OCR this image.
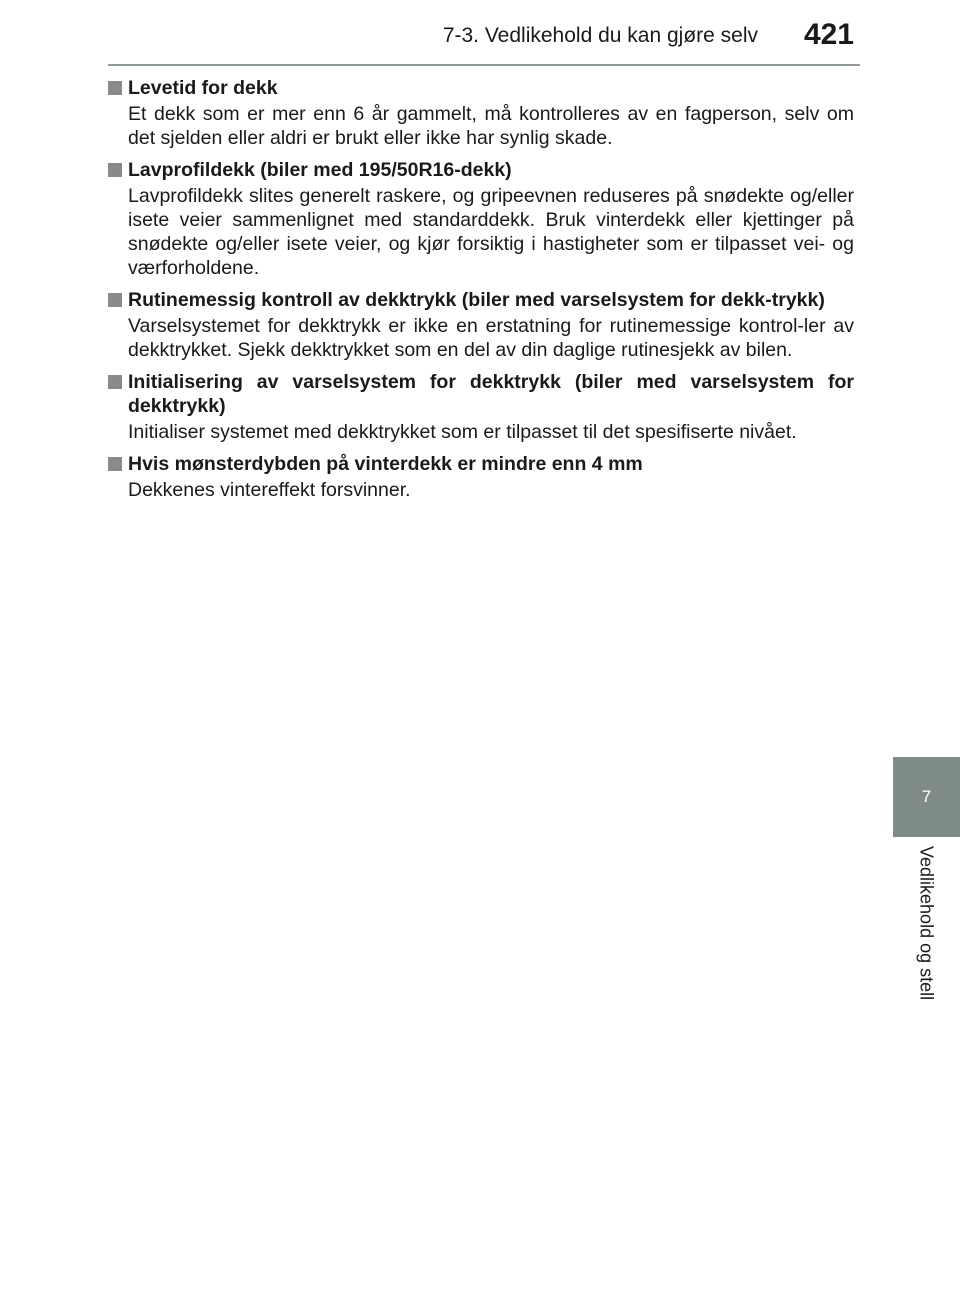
7-3. Vedlikehold du kan gjøre selv 421
7
Vedlikehold og stell
Levetid for dekk
Et dekk som er mer enn 6 år gammelt, må kontrolleres av en fagperson, selv om det sjelden eller aldri er brukt eller ikke har synlig skade.
Lavprofildekk (biler med 195/50R16-dekk)
Lavprofildekk slites generelt raskere, og gripeevnen reduseres på snødekte og/eller isete veier sammenlignet med standarddekk. Bruk vinterdekk eller kjettinger på snødekte og/eller isete veier, og kjør forsiktig i hastigheter som er tilpasset vei- og værforholdene.
Rutinemessig kontroll av dekktrykk (biler med varselsystem for dekk-trykk)
Varselsystemet for dekktrykk er ikke en erstatning for rutinemessige kontrol-ler av dekktrykket. Sjekk dekktrykket som en del av din daglige rutinesjekk av bilen.
Initialisering av varselsystem for dekktrykk (biler med varselsystem for dekktrykk)
Initialiser systemet med dekktrykket som er tilpasset til det spesifiserte nivået.
Hvis mønsterdybden på vinterdekk er mindre enn 4 mm
Dekkenes vintereffekt forsvinner.
